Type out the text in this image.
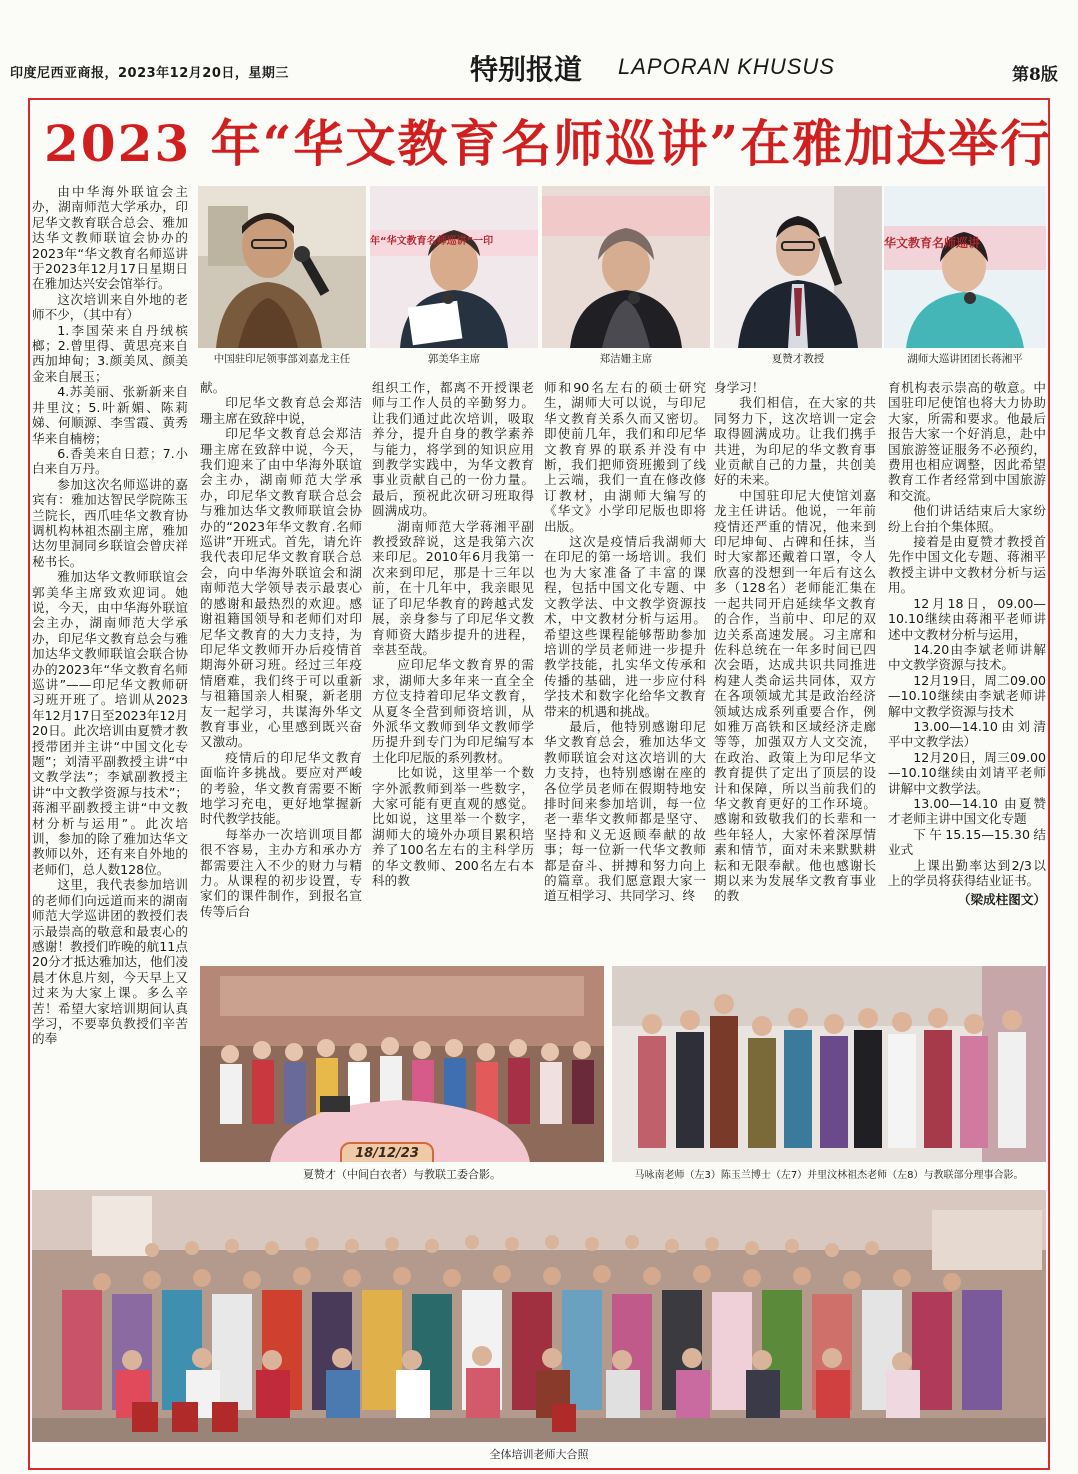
印度尼西亚商报，2023年12月20日，星期三	特别报道 LAPORAN KHUSUS	第8版
2023 年“华文教育名师巡讲”在雅加达举行
中国驻印尼领事部刘嘉龙主任
年“华文教育名师巡讲”一印
郭美华主席	郑洁姗主席	夏赞才教授
华文教育名师巡讲
湖师大巡讲团团长蒋湘平

由中华海外联谊会主办，湖南师范大学承办，印尼华文教育联合总会、雅加达华文教师联谊会协办的2023年“华文教育名师巡讲于2023年12月17日星期日在雅加达兴安会馆举行。

这次培训来自外地的老师不少，（其中有）

1.李国荣来自丹绒槟榔；2.曾里得、黄思亮来自西加坤甸；3.颜美凤、颜美金来自展玉；

4.苏美丽、张新新来自井里汶；5.叶新媚、陈莉娣、何顺源、李雪霞、黄秀华来自楠榜；

6.香美来自日惹；7.小白来自万丹。

参加这次名师巡讲的嘉宾有：雅加达智民学院陈玉兰院长，西爪哇华文教育协调机构林祖杰副主席，雅加达勿里洞同乡联谊会曾庆祥秘书长。

雅加达华文教师联谊会郭美华主席致欢迎词。她说，今天，由中华海外联谊会主办，湖南师范大学承办，印尼华文教育总会与雅加达华文教师联谊会联合协办的2023年“华文教育名师巡讲”——印尼华文教师研习班开班了。培训从2023年12月17日至2023年12月20日。此次培训由夏赞才教授带团并主讲“中国文化专题”；刘清平副教授主讲“中文教学法”；李斌副教授主讲“中文教学资源与技术”；蒋湘平副教授主讲“中文教材分析与运用”。此次培训，参加的除了雅加达华文教师以外，还有来自外地的老师们，总人数128位。

这里，我代表参加培训的老师们向远道而来的湖南师范大学巡讲团的教授们表示最崇高的敬意和最衷心的感谢！教授们昨晚的航11点20分才抵达雅加达，他们凌晨才休息片刻，今天早上又过来为大家上课。多么辛苦！希望大家培训期间认真学习，不要辜负教授们辛苦的奉

献。

印尼华文教育总会郑洁珊主席在致辞中说，

印尼华文教育总会郑洁珊主席在致辞中说，今天，我们迎来了由中华海外联谊会主办，湖南师范大学承办，印尼华文教育联合总会与雅加达华文教师联谊会协办的“2023年华文教育.名师巡讲”开班式。首先，请允许我代表印尼华文教育联合总会，向中华海外联谊会和湖南师范大学领导表示最衷心的感谢和最热烈的欢迎。感谢祖籍国领导和老师们对印尼华文教育的大力支持，为印尼华文教师开办后疫情首期海外研习班。经过三年疫情磨难，我们终于可以重新与祖籍国亲人相聚，新老朋友一起学习，共谋海外华文教育事业，心里感到既兴奋又激动。

疫情后的印尼华文教育面临许多挑战。要应对严峻的考验，华文教育需要不断地学习充电，更好地掌握新时代教学技能。

每举办一次培训项目都很不容易，主办方和承办方都需要注入不少的财力与精力。从课程的初步设置，专家们的课件制作，到报名宣传等后台

组织工作，都离不开授课老师与工作人员的辛勤努力。让我们通过此次培训，吸取养分，提升自身的教学素养与能力，将学到的知识应用到教学实践中，为华文教育事业贡献自己的一份力量。最后，预祝此次研习班取得圆满成功。

湖南师范大学蒋湘平副教授致辞说，这是我第六次来印尼。2010年6月我第一次来到印尼，那是十三年以前，在十几年中，我亲眼见证了印尼华教育的跨越式发展，亲身参与了印尼华文教育师资大踏步提升的进程，幸甚至哉。

应印尼华文教育界的需求，湖师大多年来一直全全方位支持着印尼华文教育，从夏冬全营到师资培训，从外派华文教师到华文教师学历提升到专门为印尼编写本土化印尼版的系列教材。

比如说，这里举一个数字外派教师到举一些数字，大家可能有更直观的感觉。比如说，这里举一个数字，湖师大的境外办项目累积培养了100名左右的主科学历的华文教师、200名左右本科的教

师和90名左右的硕士研究生，湖师大可以说，与印尼华文教育关系久而又密切。即使前几年，我们和印尼华文教育界的联系并没有中断，我们把师资班搬到了线上云端，我们一直在修改修订教材，由湖师大编写的《华文》小学印尼版也即将出版。

这次是疫情后我湖师大在印尼的第一场培训。我们也为大家准备了丰富的课程，包括中国文化专题、中文教学法、中文教学资源技术，中文教材分析与运用。希望这些课程能够帮助参加培训的学员老师进一步提升教学技能，扎实华文传承和传播的基础，进一步应付科学技术和数字化给华文教育带来的机遇和挑战。

最后，他特别感谢印尼华文教育总会，雅加达华文教师联谊会对这次培训的大力支持，也特别感谢在座的各位学员老师在假期特地安排时间来参加培训，每一位老一辈华文教师都是坚守、坚持和义无返顾奉献的故事；每一位新一代华文教师都是奋斗、拼搏和努力向上的篇章。我们愿意跟大家一道互相学习、共同学习、终

身学习！

我们相信，在大家的共同努力下，这次培训一定会取得圆满成功。让我们携手共进，为印尼的华文教育事业贡献自己的力量，共创美好的未来。

中国驻印尼大使馆刘嘉龙主任讲话。他说，一年前疫情还严重的情况，他来到印尼坤甸、占碑和任抹，当时大家都还戴着口罩，令人欣喜的没想到一年后有这么多（128名）老师能汇集在一起共同开启延续华文教育的合作，当前中、印尼的双边关系高速发展。习主席和佐科总统在一年多时间已四次会晤，达成共识共同推进构建人类命运共同体，双方在各项领域尤其是政治经济领域达成系列重要合作，例如雅万高铁和区域经济走廊等等，加强双方人文交流，在政治、政策上为印尼华文教育提供了定出了顶层的设计和保障，所以当前我们的华文教育更好的工作环境。感谢和致敬我们的长辈和一些年轻人，大家怀着深厚情素和情节，面对未来默默耕耘和无限奉献。他也感谢长期以来为发展华文教育事业的教

育机构表示崇高的敬意。中国驻印尼使馆也将大力协助大家，所需和要求。他最后报告大家一个好消息，赴中国旅游签证服务不必预约，费用也相应调整，因此希望教育工作者经常到中国旅游和交流。

他们讲话结束后大家纷纷上台拍个集体照。

接着是由夏赞才教授首先作中国文化专题、蒋湘平教授主讲中文教材分析与运用。

12月18日，09.00—10.10继续由蒋湘平老师讲述中文教材分析与运用，

14.20由李斌老师讲解中文教学资源与技术。

12月19日，周二09.00—10.10继续由李斌老师讲解中文教学资源与技术

13.00—14.10由刘清平中文教学法）

12月20日，周三09.00—10.10继续由刘请平老师讲解中文教学法。

13.00—14.10 由夏赞才老师主讲中国文化专题

下午15.15—15.30结业式

上课出勤率达到2/3以上的学员将获得结业证书。

（梁成柱图文）

18/12/23
夏赞才（中间白衣者）与教联工委合影。	马咏南老师（左3）陈玉兰博士（左7）并里汶林祖杰老师（左8）与教联部分理事合影。
全体培训老师大合照
